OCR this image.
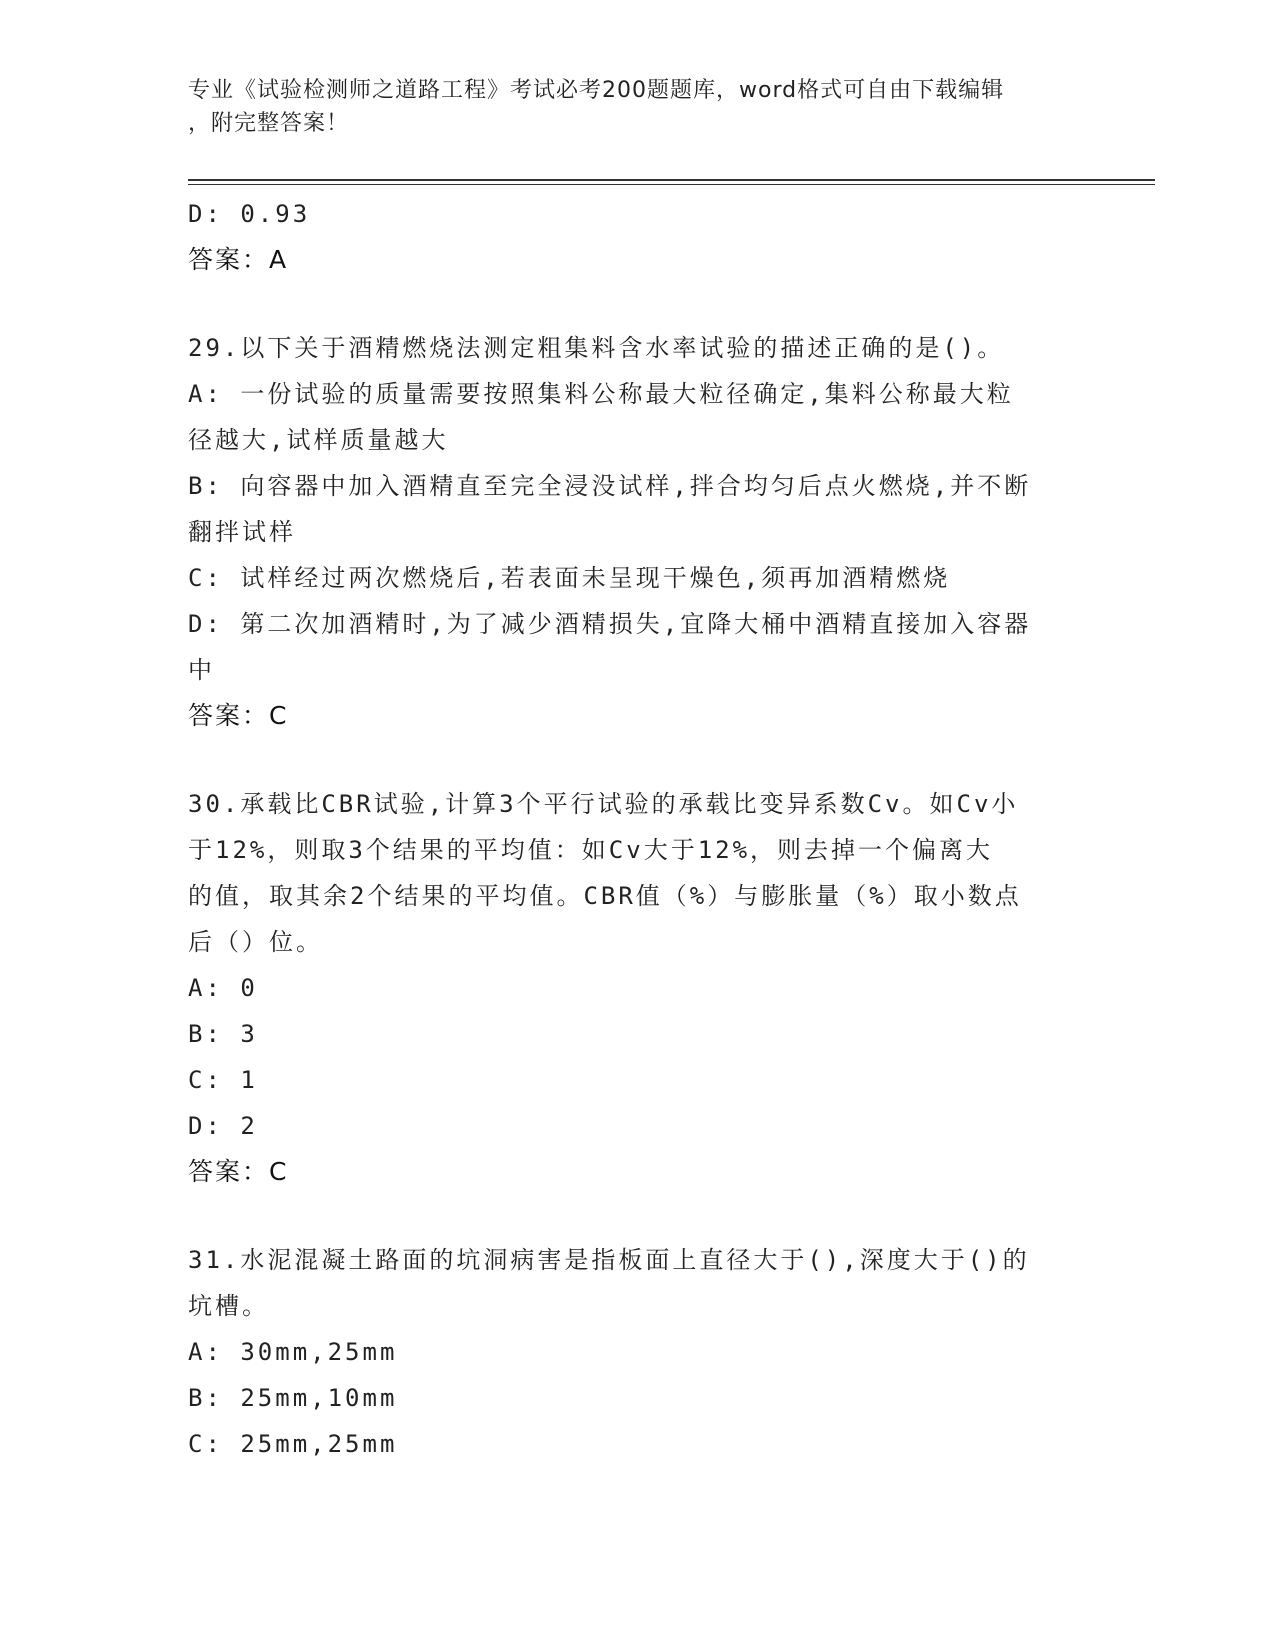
专业《试验检测师之道路工程》考试必考200题题库，word格式可自由下载编辑
，附完整答案！

D: 0.93

答案：A

29.以下关于酒精燃烧法测定粗集料含水率试验的描述正确的是()。

A: 一份试验的质量需要按照集料公称最大粒径确定,集料公称最大粒

径越大,试样质量越大

B: 向容器中加入酒精直至完全浸没试样,拌合均匀后点火燃烧,并不断

翻拌试样

C: 试样经过两次燃烧后,若表面未呈现干燥色,须再加酒精燃烧

D: 第二次加酒精时,为了减少酒精损失,宜降大桶中酒精直接加入容器

中

答案：C

30.承载比CBR试验,计算3个平行试验的承载比变异系数Cv。如Cv小

于12%，则取3个结果的平均值：如Cv大于12%，则去掉一个偏离大

的值，取其余2个结果的平均值。CBR值（%）与膨胀量（%）取小数点

后（）位。

A: 0

B: 3

C: 1

D: 2

答案：C

31.水泥混凝土路面的坑洞病害是指板面上直径大于(),深度大于()的

坑槽。

A: 30mm,25mm

B: 25mm,10mm

C: 25mm,25mm
